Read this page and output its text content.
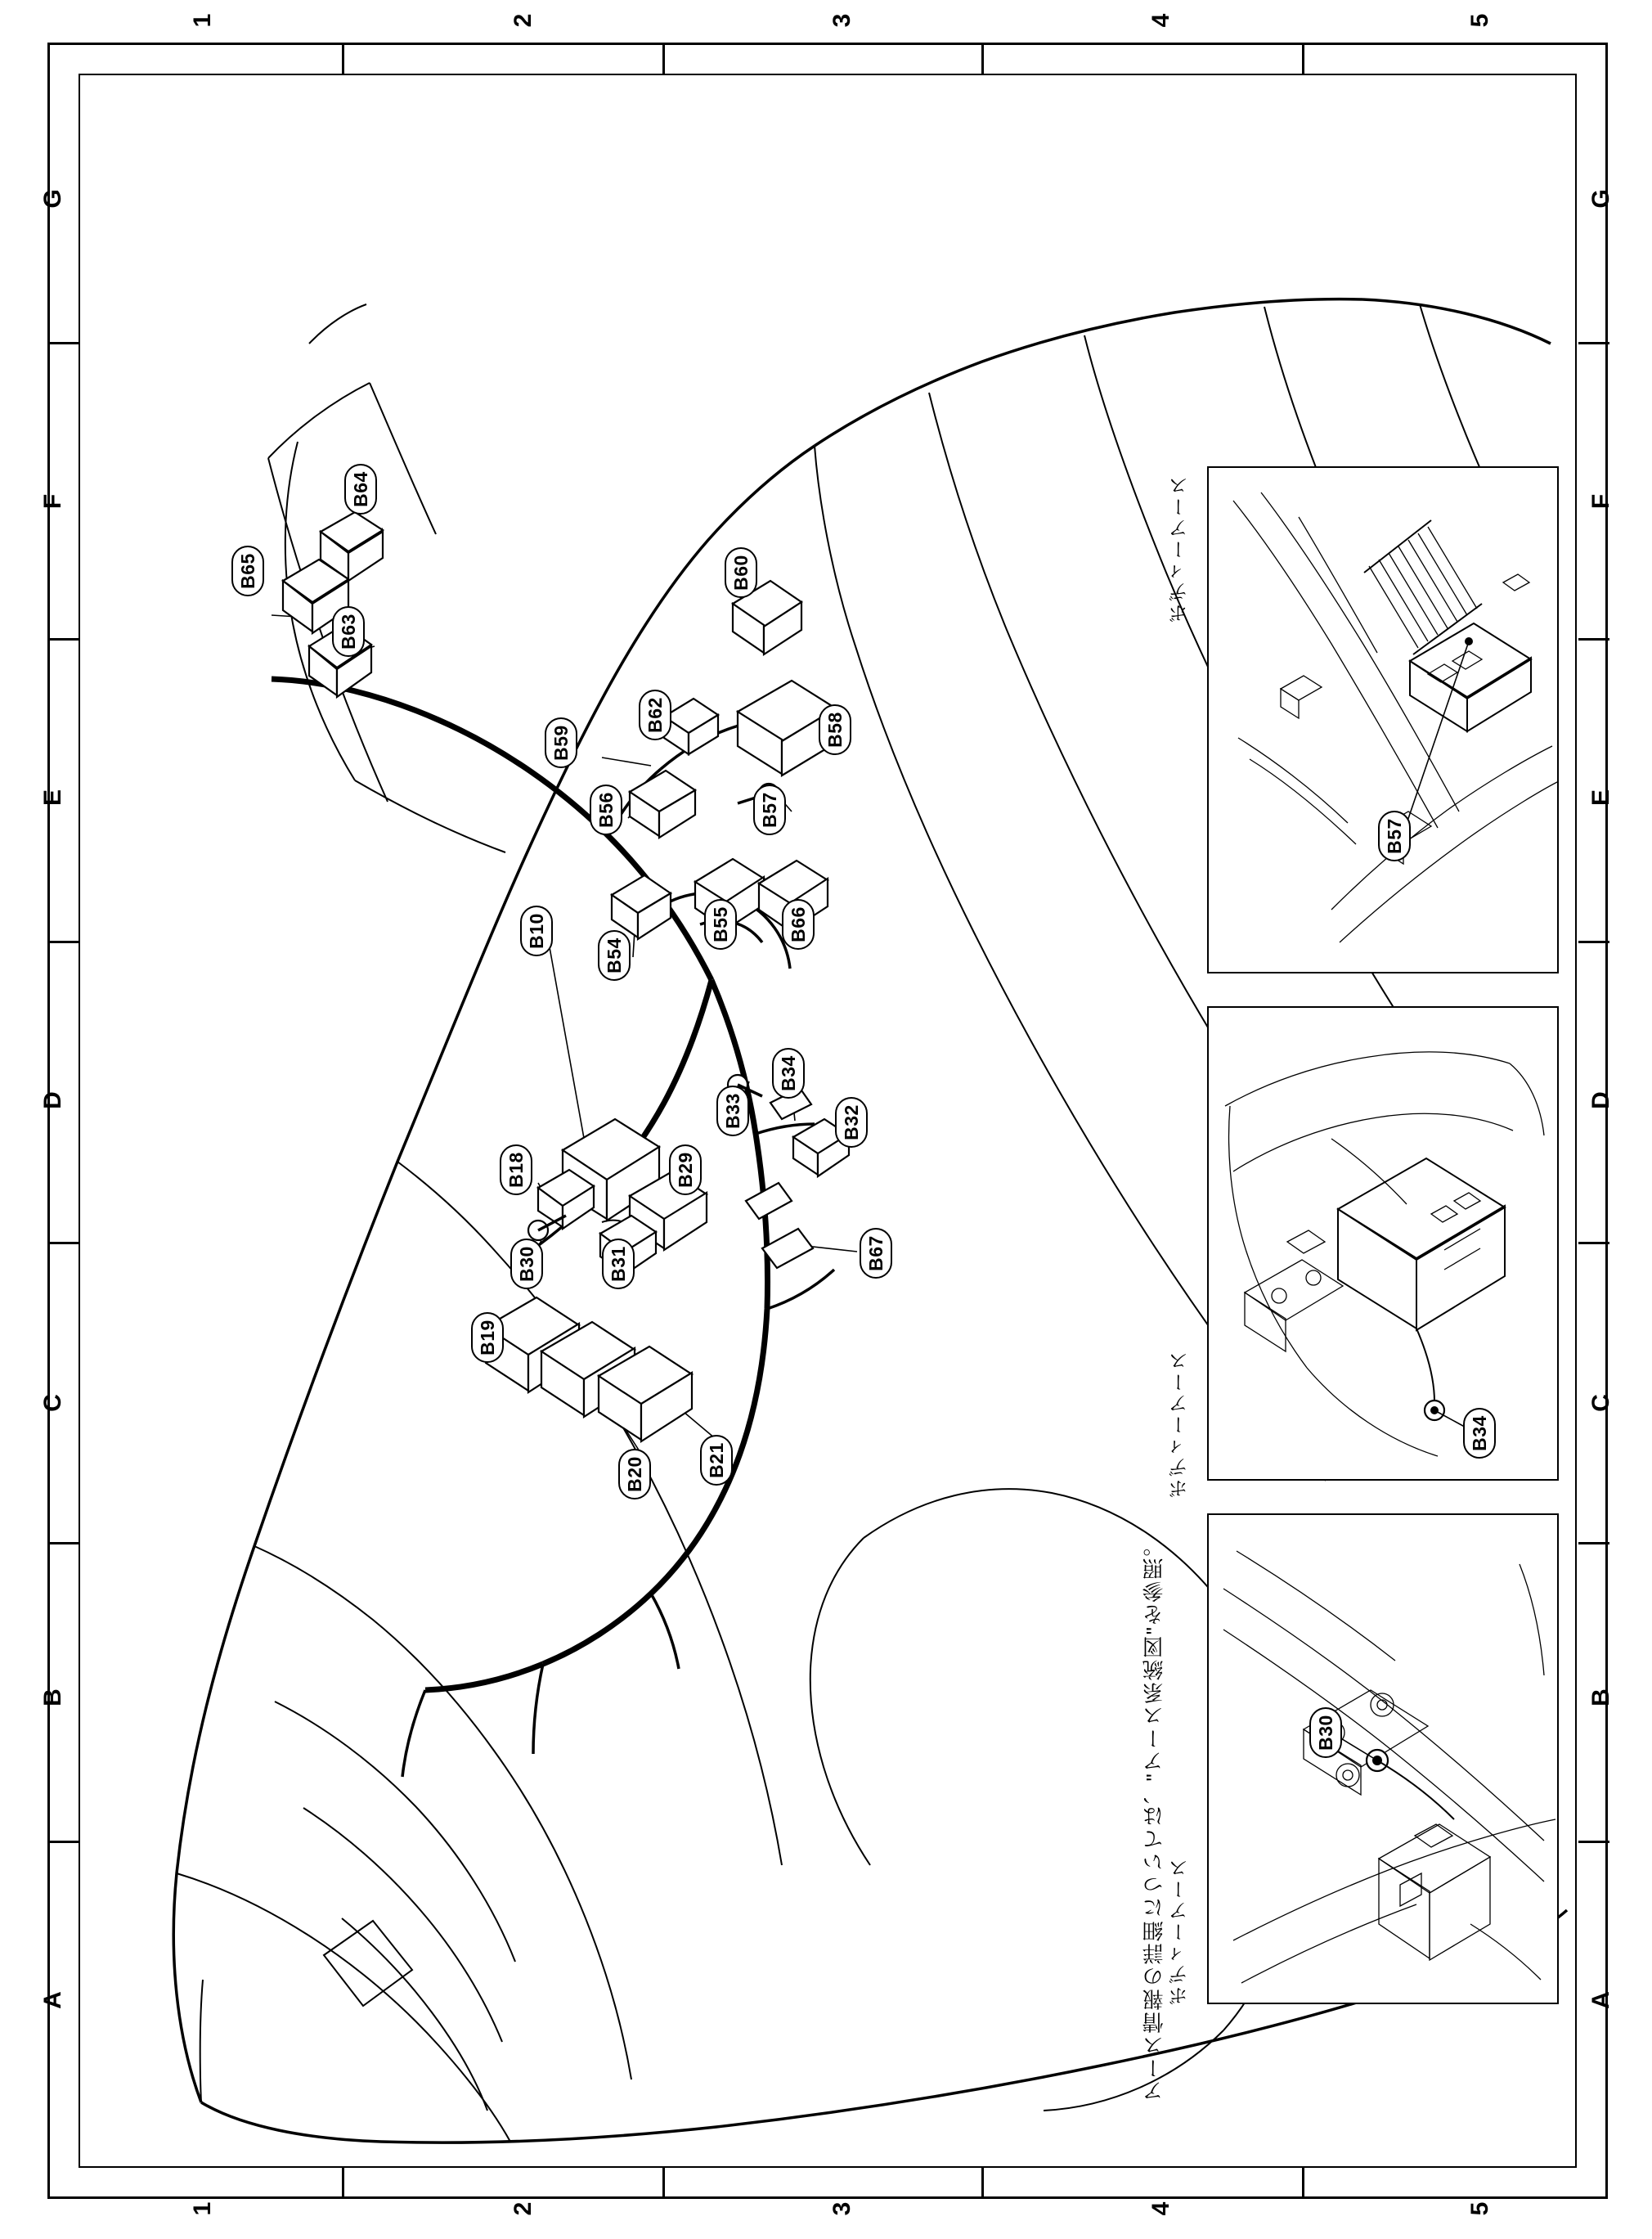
1	2	3	4	5
1	2	3	4	5
G
F
E
D
C
B
A
G
F
E
D
C
B
A
B65
B64
B63
B60
B62
B59	B58
B56	B57
B55	B66
B54
B10
B33
B34
B32
B18	B29
B30	B31	B67
B19
B20	B21
アース情報の詳細については、"アース系統図"を参照。
B57
ボディーアース
B34
ボディーアース
B30
ボディーアース
